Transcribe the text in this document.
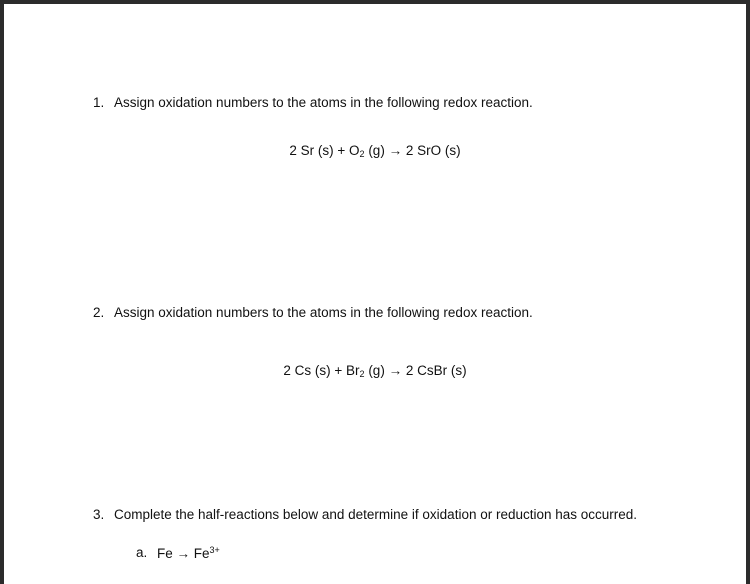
1. Assign oxidation numbers to the atoms in the following redox reaction.
2 Sr $(s) + O_2$ (g) → 2 SrO (s)
2. Assign oxidation numbers to the atoms in the following redox reaction.
2 Cs $(s) + Br_2$ (g) → 2 CsBr (s)
3. Complete the half-reactions below and determine if oxidation or reduction has occurred.
a. $Fe \to Fe^{3+}$
